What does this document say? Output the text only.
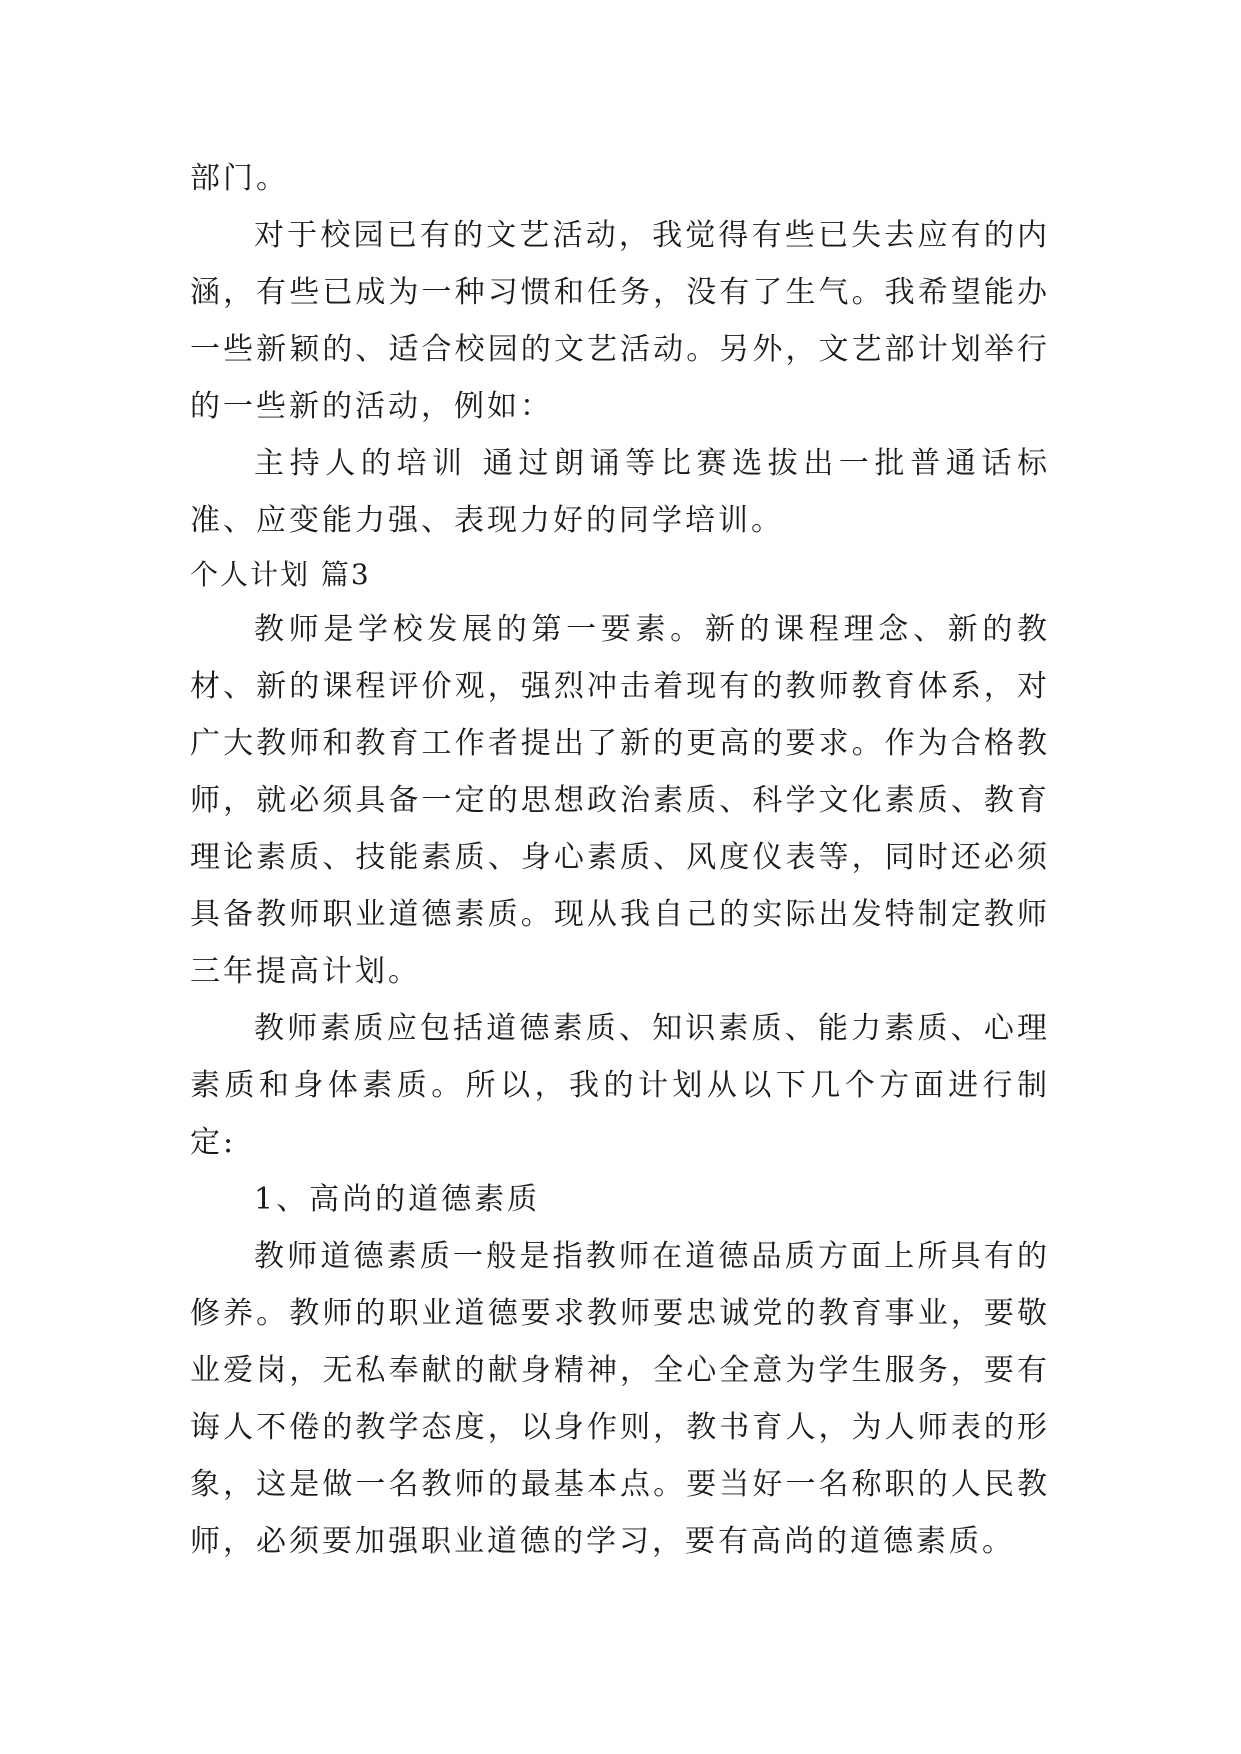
部门。

对于校园已有的文艺活动，我觉得有些已失去应有的内涵，有些已成为一种习惯和任务，没有了生气。我希望能办一些新颖的、适合校园的文艺活动。另外，文艺部计划举行的一些新的活动，例如：

主持人的培训 通过朗诵等比赛选拔出一批普通话标准、应变能力强、表现力好的同学培训。

个人计划 篇3

教师是学校发展的第一要素。新的课程理念、新的教材、新的课程评价观，强烈冲击着现有的教师教育体系，对广大教师和教育工作者提出了新的更高的要求。作为合格教师，就必须具备一定的思想政治素质、科学文化素质、教育理论素质、技能素质、身心素质、风度仪表等，同时还必须具备教师职业道德素质。现从我自己的实际出发特制定教师三年提高计划。

教师素质应包括道德素质、知识素质、能力素质、心理素质和身体素质。所以，我的计划从以下几个方面进行制定:

1、高尚的道德素质

教师道德素质一般是指教师在道德品质方面上所具有的修养。教师的职业道德要求教师要忠诚党的教育事业，要敬业爱岗，无私奉献的献身精神，全心全意为学生服务，要有诲人不倦的教学态度，以身作则，教书育人，为人师表的形象，这是做一名教师的最基本点。要当好一名称职的人民教师，必须要加强职业道德的学习，要有高尚的道德素质。
